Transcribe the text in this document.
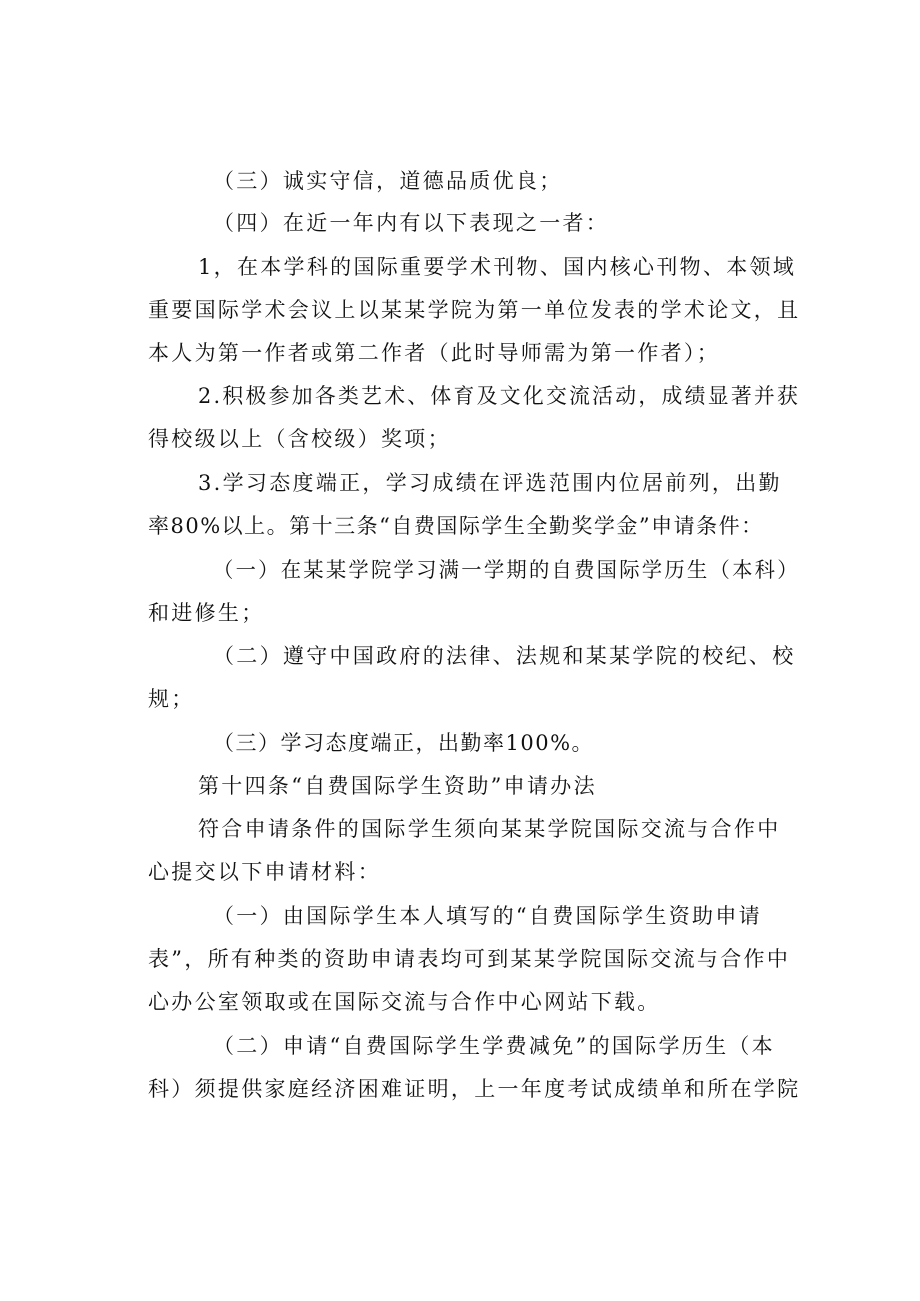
（三）诚实守信，道德品质优良；
（四）在近一年内有以下表现之一者：
1，在本学科的国际重要学术刊物、国内核心刊物、本领域
重要国际学术会议上以某某学院为第一单位发表的学术论文，且
本人为第一作者或第二作者（此时导师需为第一作者）；
2.积极参加各类艺术、体育及文化交流活动，成绩显著并获
得校级以上（含校级）奖项；
3.学习态度端正，学习成绩在评选范围内位居前列，出勤
率80%以上。第十三条“自费国际学生全勤奖学金”申请条件：
（一）在某某学院学习满一学期的自费国际学历生（本科）
和进修生；
（二）遵守中国政府的法律、法规和某某学院的校纪、校
规；
（三）学习态度端正，出勤率100%。
第十四条“自费国际学生资助”申请办法
符合申请条件的国际学生须向某某学院国际交流与合作中
心提交以下申请材料：
（一）由国际学生本人填写的“自费国际学生资助申请
表”，所有种类的资助申请表均可到某某学院国际交流与合作中
心办公室领取或在国际交流与合作中心网站下载。
（二）申请“自费国际学生学费减免”的国际学历生（本
科）须提供家庭经济困难证明，上一年度考试成绩单和所在学院
